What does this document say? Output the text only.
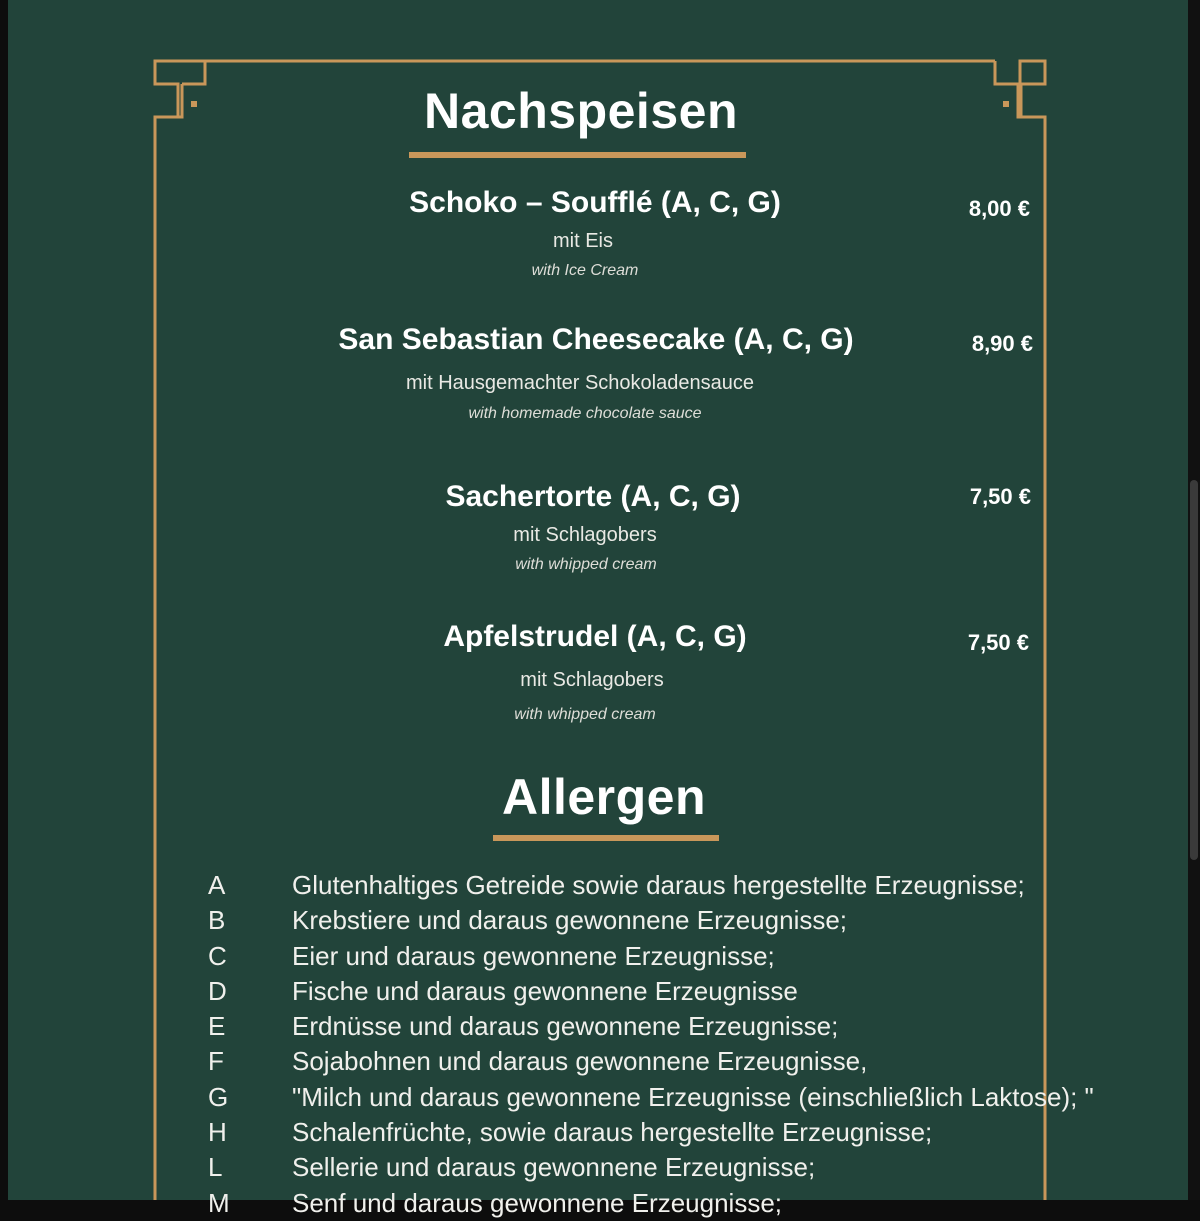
Nachspeisen
Schoko – Soufflé (A, C, G)
mit Eis
with Ice Cream
8,00 €
San Sebastian Cheesecake (A, C, G)
mit Hausgemachter Schokoladensauce
with homemade chocolate sauce
8,90 €
Sachertorte (A, C, G)
mit Schlagobers
with whipped cream
7,50 €
Apfelstrudel (A, C, G)
mit Schlagobers
with whipped cream
7,50 €
Allergen
A	Glutenhaltiges Getreide sowie daraus hergestellte Erzeugnisse;
B	Krebstiere und daraus gewonnene Erzeugnisse;
C	Eier und daraus gewonnene Erzeugnisse;
D	Fische und daraus gewonnene Erzeugnisse
E	Erdnüsse und daraus gewonnene Erzeugnisse;
F	Sojabohnen und daraus gewonnene Erzeugnisse,
G "Milch und daraus gewonnene Erzeugnisse (einschließlich Laktose); "
H	Schalenfrüchte, sowie daraus hergestellte Erzeugnisse;
L	Sellerie und daraus gewonnene Erzeugnisse;
M Senf und daraus gewonnene Erzeugnisse;
